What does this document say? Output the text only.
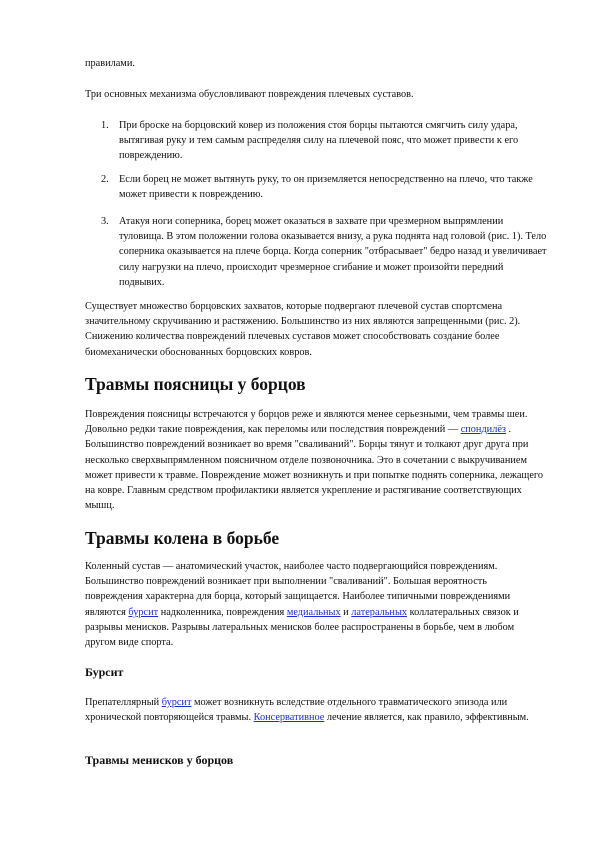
правилами.

Три основных механизма обусловливают повреждения плечевых суставов.

1. При броске на борцовский ковер из положения стоя борцы пытаются смягчить силу удара, вытягивая руку и тем самым распределяя силу на плечевой пояс, что может привести к его повреждению.

2. Если борец не может вытянуть руку, то он приземляется непосредственно на плечо, что также может привести к повреждению.

3. Атакуя ноги соперника, борец может оказаться в захвате при чрезмерном выпрямлении туловища. В этом положении голова оказывается внизу, а рука поднята над головой (рис. 1). Тело соперника оказывается на плече борца. Когда соперник "отбрасывает" бедро назад и увеличивает силу нагрузки на плечо, происходит чрезмерное сгибание и может произойти передний подвывих.

Существует множество борцовских захватов, которые подвергают плечевой сустав спортсмена значительному скручиванию и растяжению. Большинство из них являются запрещенными (рис. 2). Снижению количества повреждений плечевых суставов может способствовать создание более биомеханически обоснованных борцовских ковров.

Травмы поясницы у борцов

Повреждения поясницы встречаются у борцов реже и являются менее серьезными, чем травмы шеи. Довольно редки такие повреждения, как переломы или последствия повреждений — спондилёз . Большинство повреждений возникает во время "сваливаний". Борцы тянут и толкают друг друга при несколько сверхвыпрямленном поясничном отделе позвоночника. Это в сочетании с выкручиванием может привести к травме. Повреждение может возникнуть и при попытке поднять соперника, лежащего на ковре. Главным средством профилактики является укрепление и растягивание соответствующих мышц.

Травмы колена в борьбе

Коленный сустав — анатомический участок, наиболее часто подвергающийся повреждениям. Большинство повреждений возникает при выполнении "сваливаний". Большая вероятность повреждения характерна для борца, который защищается. Наиболее типичными повреждениями являются бурсит надколенника, повреждения медиальных и латеральных коллатеральных связок и разрывы менисков. Разрывы латеральных менисков более распространены в борьбе, чем в любом другом виде спорта.

Бурсит

Препателлярный бурсит может возникнуть вследствие отдельного травматического эпизода или хронической повторяющейся травмы. Консервативное лечение является, как правило, эффективным.

Травмы менисков у борцов
